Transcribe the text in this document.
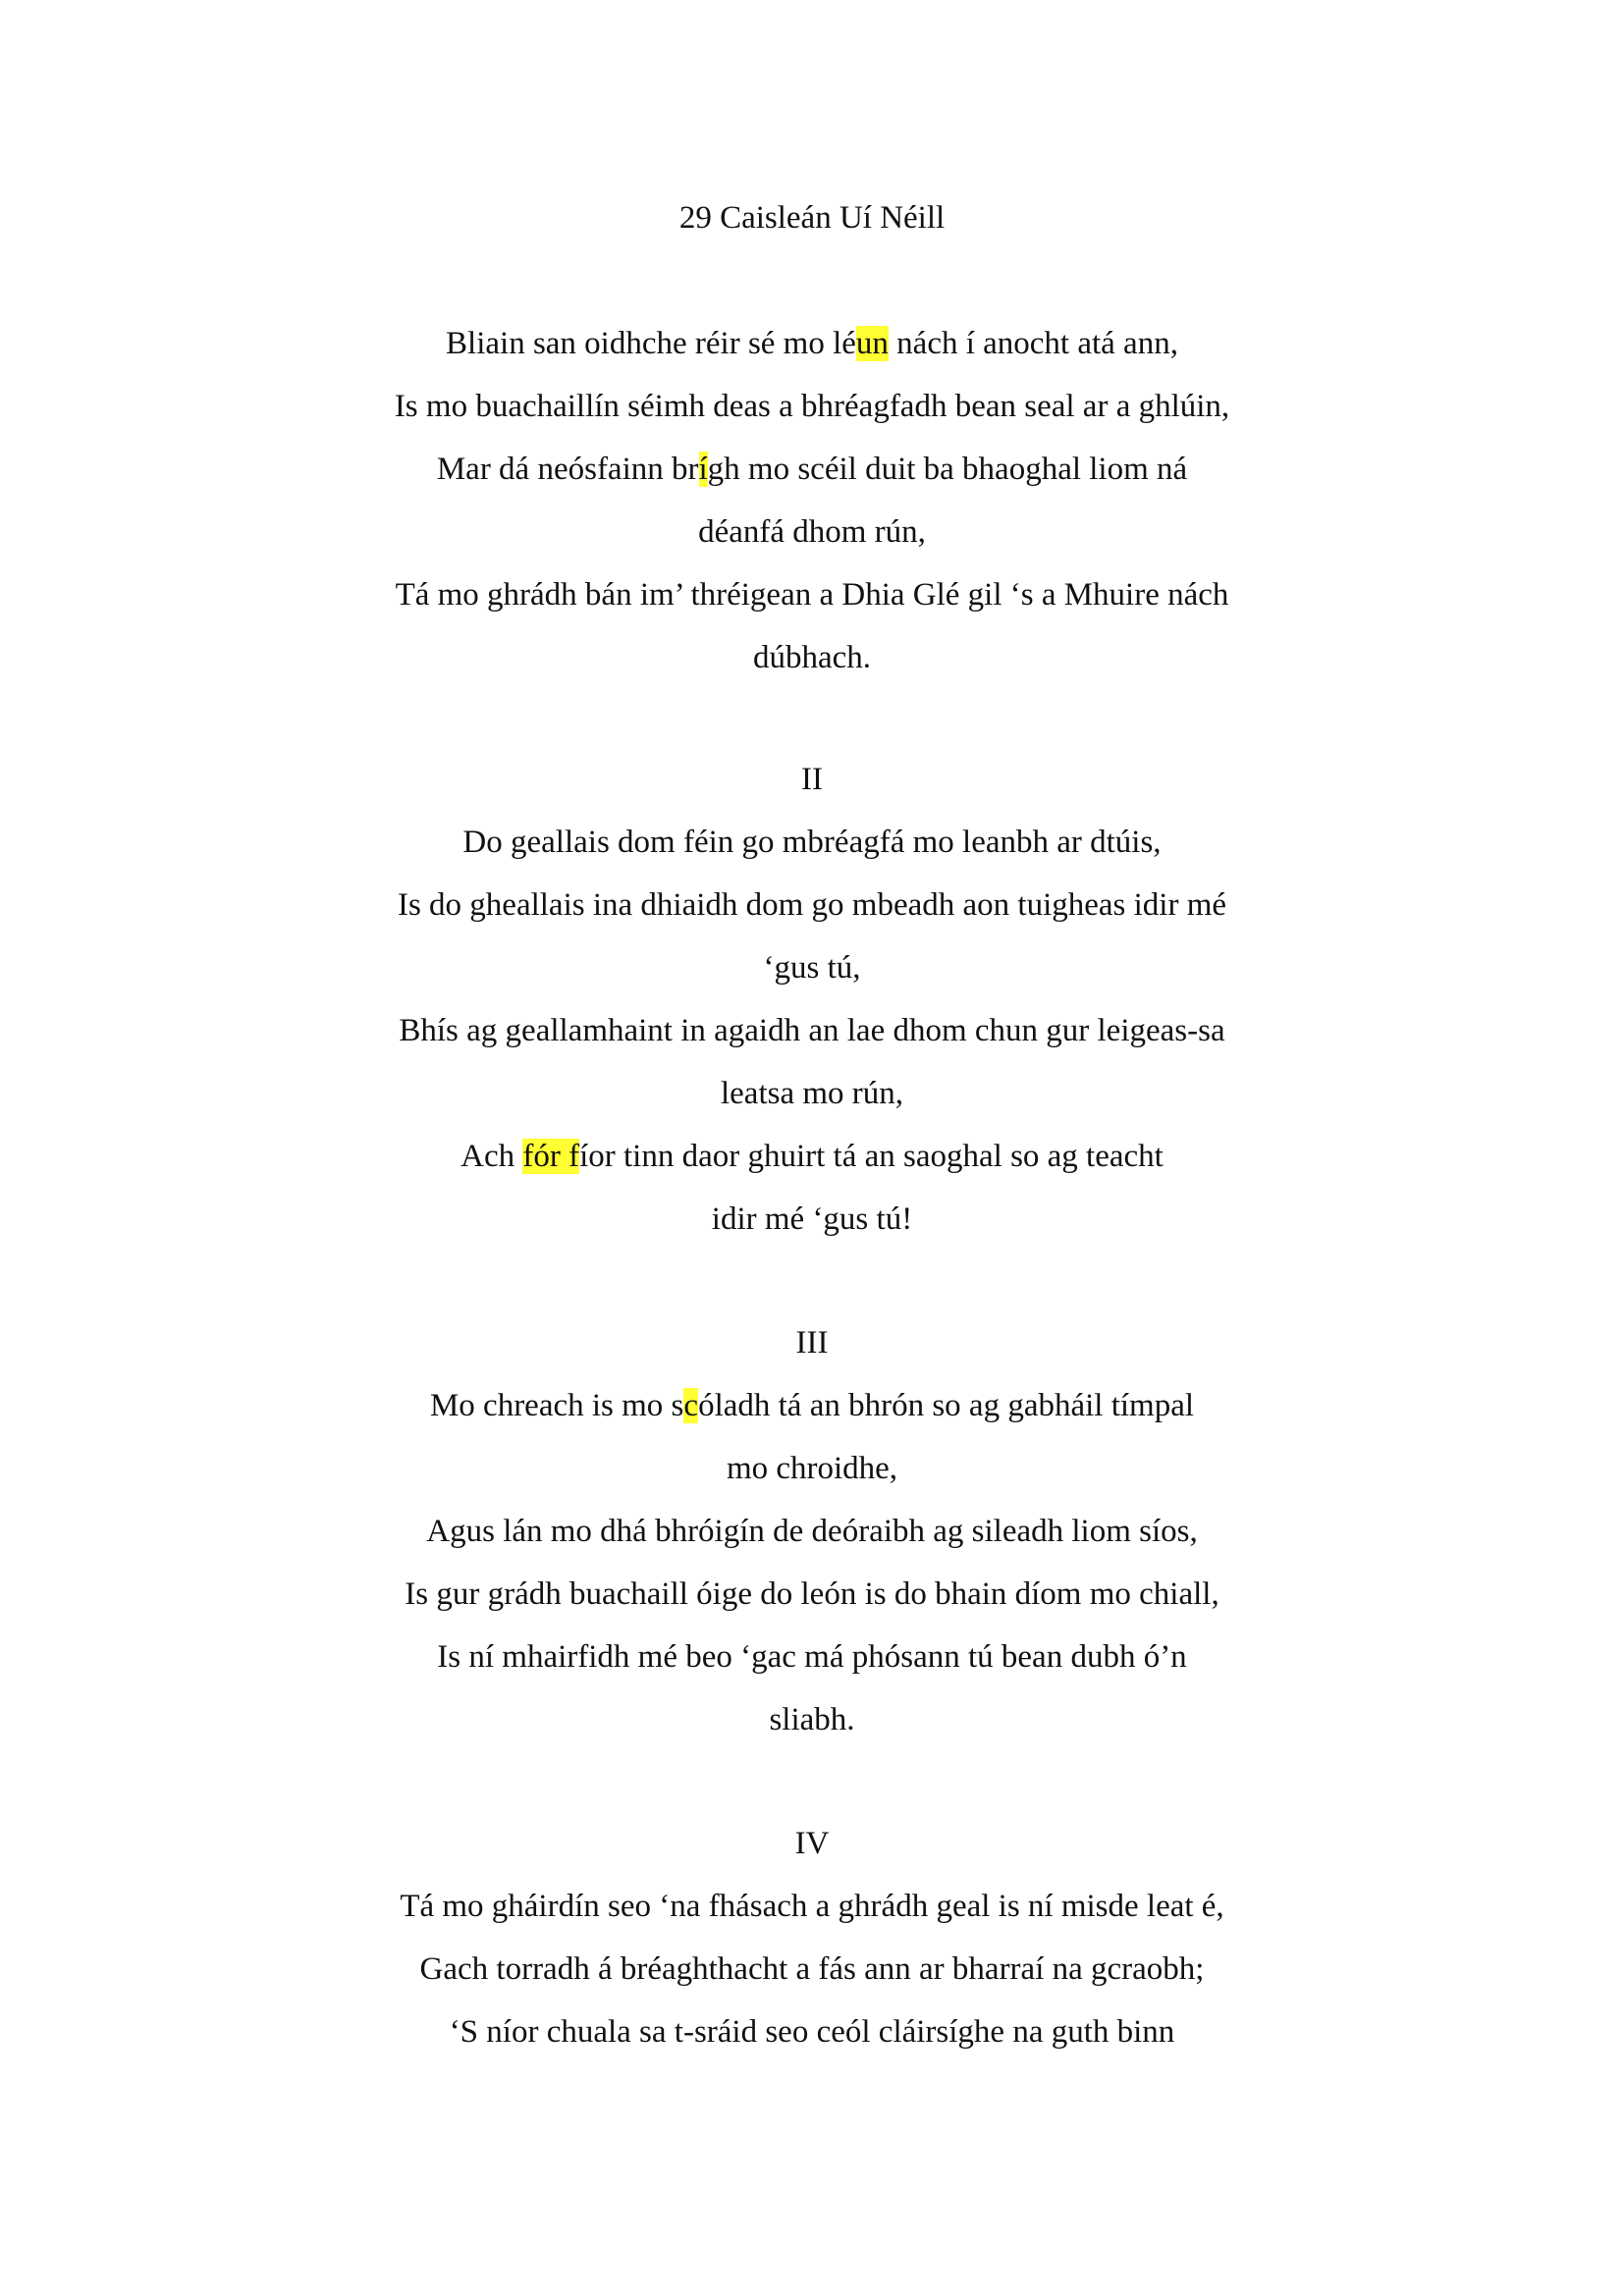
29 Caisleán Uí Néill
Bliain san oidhche réir sé mo léun nách í anocht atá ann,
Is mo buachaillín séimh deas a bhréagfadh bean seal ar a ghlúin,
Mar dá neósfainn brígh mo scéil duit ba bhaoghal liom ná
déanfá dhom rún,
Tá mo ghrádh bán im’ thréigean a Dhia Glé gil ‘s a Mhuire nách
dúbhach.
II
Do geallais dom féin go mbréagfá mo leanbh ar dtúis,
Is do gheallais ina dhiaidh dom go mbeadh aon tuigheas idir mé
‘gus tú,
Bhís ag geallamhaint in agaidh an lae dhom chun gur leigeas-sa
leatsa mo rún,
Ach fór fíor tinn daor ghuirt tá an saoghal so ag teacht
idir mé ‘gus tú!
III
Mo chreach is mo scóladh tá an bhrón so ag gabháil tímpal
mo chroidhe,
Agus lán mo dhá bhróigín de deóraibh ag sileadh liom síos,
Is gur grádh buachaill óige do león is do bhain díom mo chiall,
Is ní mhairfidh mé beo ‘gac má phósann tú bean dubh ó’n
sliabh.
IV
Tá mo gháirdín seo ‘na fhásach a ghrádh geal is ní misde leat é,
Gach torradh á bréaghthacht a fás ann ar bharraí na gcraobh;
‘S níor chuala sa t-sráid seo ceól cláirsíghe na guth binn
